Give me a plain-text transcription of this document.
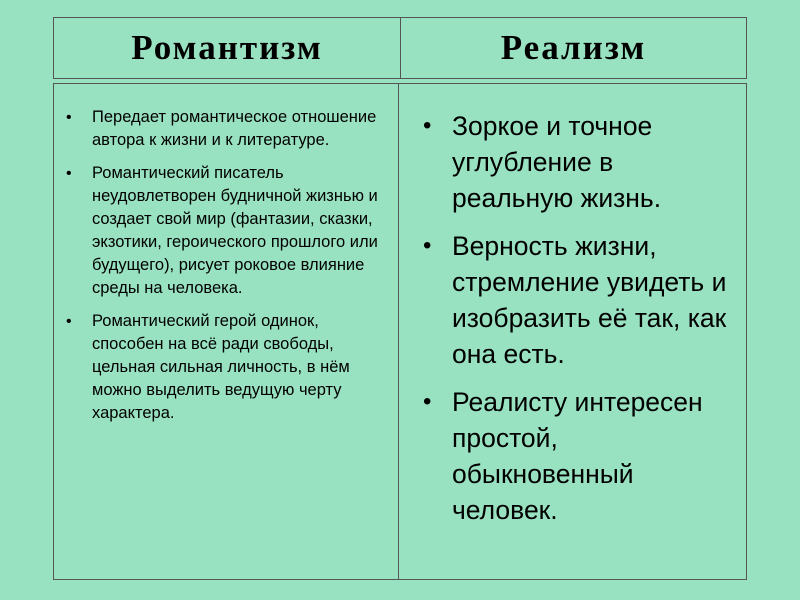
Романтизм	Реализм
• Передает романтическое отношение автора к жизни и к литературе.
• Романтический писатель неудовлетворен будничной жизнью и создает свой мир (фантазии, сказки, экзотики, героического прошлого или будущего), рисует роковое влияние среды на человека.
• Романтический герой одинок, способен на всё ради свободы, цельная сильная личность, в нём можно выделить ведущую черту характера.
• Зоркое и точное углубление в реальную жизнь.
• Верность жизни, стремление увидеть и изобразить её так, как она есть.
• Реалисту интересен простой, обыкновенный человек.
